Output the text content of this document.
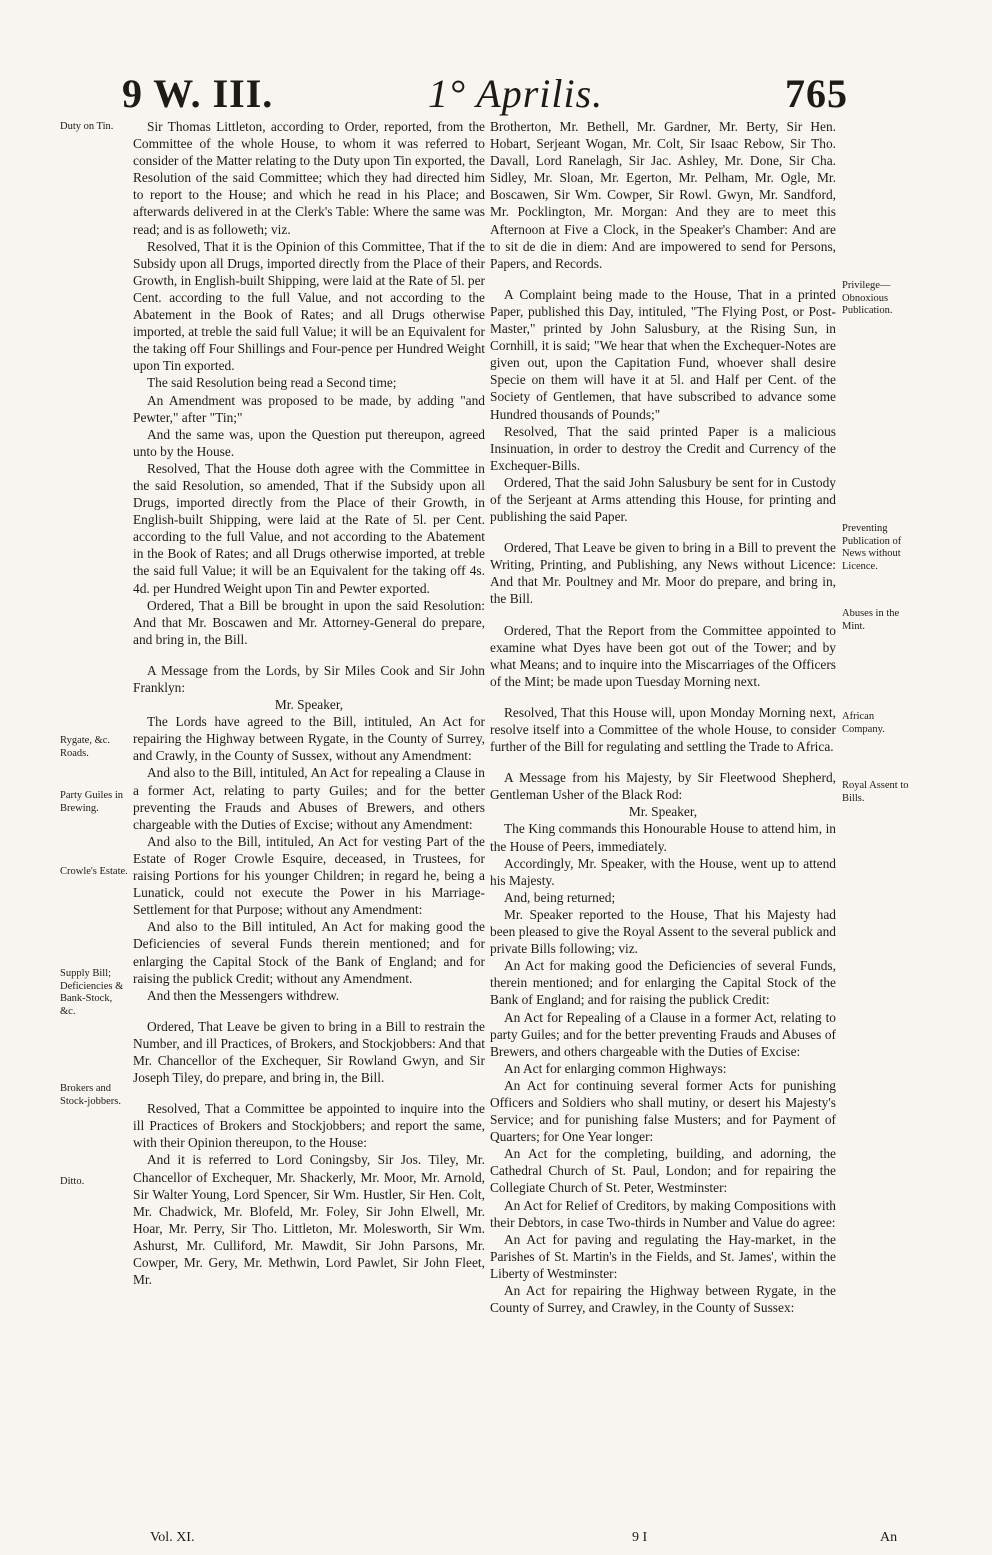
9 W. III.	1° Aprilis.	765
Duty on Tin.
Rygate, &c. Roads.
Party Guiles in Brewing.
Crowle's Estate.
Supply Bill; Deficiencies & Bank-Stock, &c.
Brokers and Stock-jobbers.
Ditto.
Privilege—Obnoxious Publication.
Preventing Publication of News without Licence.
Abuses in the Mint.
African Company.
Royal Assent to Bills.

Sir Thomas Littleton, according to Order, reported, from the Committee of the whole House, to whom it was referred to consider of the Matter relating to the Duty upon Tin exported, the Resolution of the said Committee; which they had directed him to report to the House; and which he read in his Place; and afterwards delivered in at the Clerk's Table: Where the same was read; and is as followeth; viz.

Resolved, That it is the Opinion of this Committee, That if the Subsidy upon all Drugs, imported directly from the Place of their Growth, in English-built Shipping, were laid at the Rate of 5l. per Cent. according to the full Value, and not according to the Abatement in the Book of Rates; and all Drugs otherwise imported, at treble the said full Value; it will be an Equivalent for the taking off Four Shillings and Four-pence per Hundred Weight upon Tin exported.

The said Resolution being read a Second time;

An Amendment was proposed to be made, by adding "and Pewter," after "Tin;"

And the same was, upon the Question put thereupon, agreed unto by the House.

Resolved, That the House doth agree with the Committee in the said Resolution, so amended, That if the Subsidy upon all Drugs, imported directly from the Place of their Growth, in English-built Shipping, were laid at the Rate of 5l. per Cent. according to the full Value, and not according to the Abatement in the Book of Rates; and all Drugs otherwise imported, at treble the said full Value; it will be an Equivalent for the taking off 4s. 4d. per Hundred Weight upon Tin and Pewter exported.

Ordered, That a Bill be brought in upon the said Resolution: And that Mr. Boscawen and Mr. Attorney-General do prepare, and bring in, the Bill.

A Message from the Lords, by Sir Miles Cook and Sir John Franklyn:

Mr. Speaker,

The Lords have agreed to the Bill, intituled, An Act for repairing the Highway between Rygate, in the County of Surrey, and Crawly, in the County of Sussex, without any Amendment:

And also to the Bill, intituled, An Act for repealing a Clause in a former Act, relating to party Guiles; and for the better preventing the Frauds and Abuses of Brewers, and others chargeable with the Duties of Excise; without any Amendment:

And also to the Bill, intituled, An Act for vesting Part of the Estate of Roger Crowle Esquire, deceased, in Trustees, for raising Portions for his younger Children; in regard he, being a Lunatick, could not execute the Power in his Marriage-Settlement for that Purpose; without any Amendment:

And also to the Bill intituled, An Act for making good the Deficiencies of several Funds therein mentioned; and for enlarging the Capital Stock of the Bank of England; and for raising the publick Credit; without any Amendment.

And then the Messengers withdrew.

Ordered, That Leave be given to bring in a Bill to restrain the Number, and ill Practices, of Brokers, and Stockjobbers: And that Mr. Chancellor of the Exchequer, Sir Rowland Gwyn, and Sir Joseph Tiley, do prepare, and bring in, the Bill.

Resolved, That a Committee be appointed to inquire into the ill Practices of Brokers and Stockjobbers; and report the same, with their Opinion thereupon, to the House:

And it is referred to Lord Coningsby, Sir Jos. Tiley, Mr. Chancellor of Exchequer, Mr. Shackerly, Mr. Moor, Mr. Arnold, Sir Walter Young, Lord Spencer, Sir Wm. Hustler, Sir Hen. Colt, Mr. Chadwick, Mr. Blofeld, Mr. Foley, Sir John Elwell, Mr. Hoar, Mr. Perry, Sir Tho. Littleton, Mr. Molesworth, Sir Wm. Ashurst, Mr. Culliford, Mr. Mawdit, Sir John Parsons, Mr. Cowper, Mr. Gery, Mr. Methwin, Lord Pawlet, Sir John Fleet, Mr.

Brotherton, Mr. Bethell, Mr. Gardner, Mr. Berty, Sir Hen. Hobart, Serjeant Wogan, Mr. Colt, Sir Isaac Rebow, Sir Tho. Davall, Lord Ranelagh, Sir Jac. Ashley, Mr. Done, Sir Cha. Sidley, Mr. Sloan, Mr. Egerton, Mr. Pelham, Mr. Ogle, Mr. Boscawen, Sir Wm. Cowper, Sir Rowl. Gwyn, Mr. Sandford, Mr. Pocklington, Mr. Morgan: And they are to meet this Afternoon at Five a Clock, in the Speaker's Chamber: And are to sit de die in diem: And are impowered to send for Persons, Papers, and Records.

A Complaint being made to the House, That in a printed Paper, published this Day, intituled, "The Flying Post, or Post-Master," printed by John Salusbury, at the Rising Sun, in Cornhill, it is said; "We hear that when the Exchequer-Notes are given out, upon the Capitation Fund, whoever shall desire Specie on them will have it at 5l. and Half per Cent. of the Society of Gentlemen, that have subscribed to advance some Hundred thousands of Pounds;"

Resolved, That the said printed Paper is a malicious Insinuation, in order to destroy the Credit and Currency of the Exchequer-Bills.

Ordered, That the said John Salusbury be sent for in Custody of the Serjeant at Arms attending this House, for printing and publishing the said Paper.

Ordered, That Leave be given to bring in a Bill to prevent the Writing, Printing, and Publishing, any News without Licence: And that Mr. Poultney and Mr. Moor do prepare, and bring in, the Bill.

Ordered, That the Report from the Committee appointed to examine what Dyes have been got out of the Tower; and by what Means; and to inquire into the Miscarriages of the Officers of the Mint; be made upon Tuesday Morning next.

Resolved, That this House will, upon Monday Morning next, resolve itself into a Committee of the whole House, to consider further of the Bill for regulating and settling the Trade to Africa.

A Message from his Majesty, by Sir Fleetwood Shepherd, Gentleman Usher of the Black Rod:

Mr. Speaker,

The King commands this Honourable House to attend him, in the House of Peers, immediately.

Accordingly, Mr. Speaker, with the House, went up to attend his Majesty.

And, being returned;

Mr. Speaker reported to the House, That his Majesty had been pleased to give the Royal Assent to the several publick and private Bills following; viz.

An Act for making good the Deficiencies of several Funds, therein mentioned; and for enlarging the Capital Stock of the Bank of England; and for raising the publick Credit:

An Act for Repealing of a Clause in a former Act, relating to party Guiles; and for the better preventing Frauds and Abuses of Brewers, and others chargeable with the Duties of Excise:

An Act for enlarging common Highways:

An Act for continuing several former Acts for punishing Officers and Soldiers who shall mutiny, or desert his Majesty's Service; and for punishing false Musters; and for Payment of Quarters; for One Year longer:

An Act for the completing, building, and adorning, the Cathedral Church of St. Paul, London; and for repairing the Collegiate Church of St. Peter, Westminster:

An Act for Relief of Creditors, by making Compositions with their Debtors, in case Two-thirds in Number and Value do agree:

An Act for paving and regulating the Hay-market, in the Parishes of St. Martin's in the Fields, and St. James', within the Liberty of Westminster:

An Act for repairing the Highway between Rygate, in the County of Surrey, and Crawley, in the County of Sussex:

Vol. XI.	9 I	An
